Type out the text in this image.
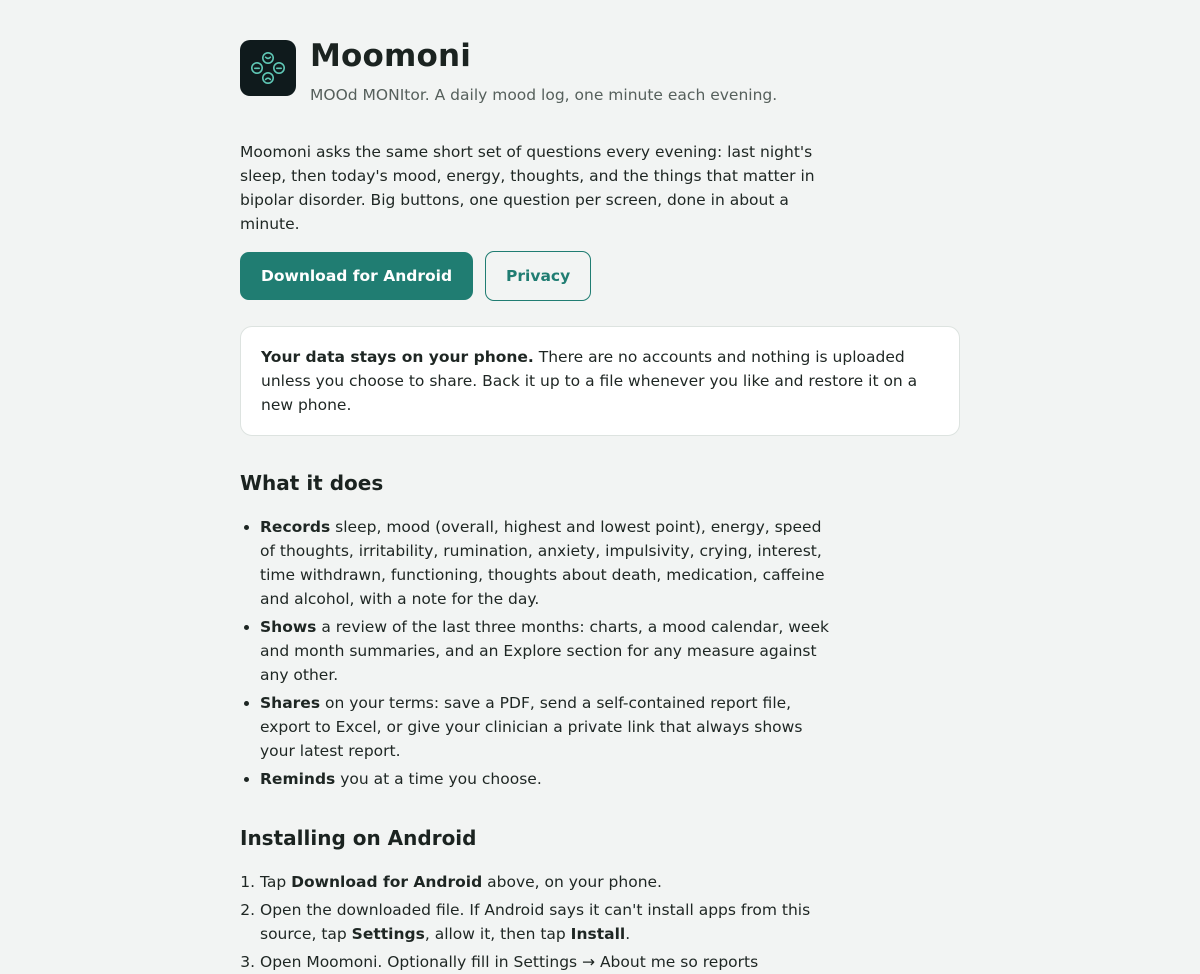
Moomoni
MOOd MONItor. A daily mood log, one minute each evening.

Moomoni asks the same short set of questions every evening: last night's sleep, then today's mood, energy, thoughts, and the things that matter in bipolar disorder. Big buttons, one question per screen, done in about a minute.

Download for Android	Privacy
Your data stays on your phone. There are no accounts and nothing is uploaded unless you choose to share. Back it up to a file whenever you like and restore it on a new phone.
What it does
• Records sleep, mood (overall, highest and lowest point), energy, speed of thoughts, irritability, rumination, anxiety, impulsivity, crying, interest, time withdrawn, functioning, thoughts about death, medication, caffeine and alcohol, with a note for the day.
• Shows a review of the last three months: charts, a mood calendar, week and month summaries, and an Explore section for any measure against any other.
• Shares on your terms: save a PDF, send a self-contained report file, export to Excel, or give your clinician a private link that always shows your latest report.
• Reminds you at a time you choose.
Installing on Android
1. Tap Download for Android above, on your phone.
2. Open the downloaded file. If Android says it can't install apps from this source, tap Settings, allow it, then tap Install.
3. Open Moomoni. Optionally fill in Settings → About me so reports
